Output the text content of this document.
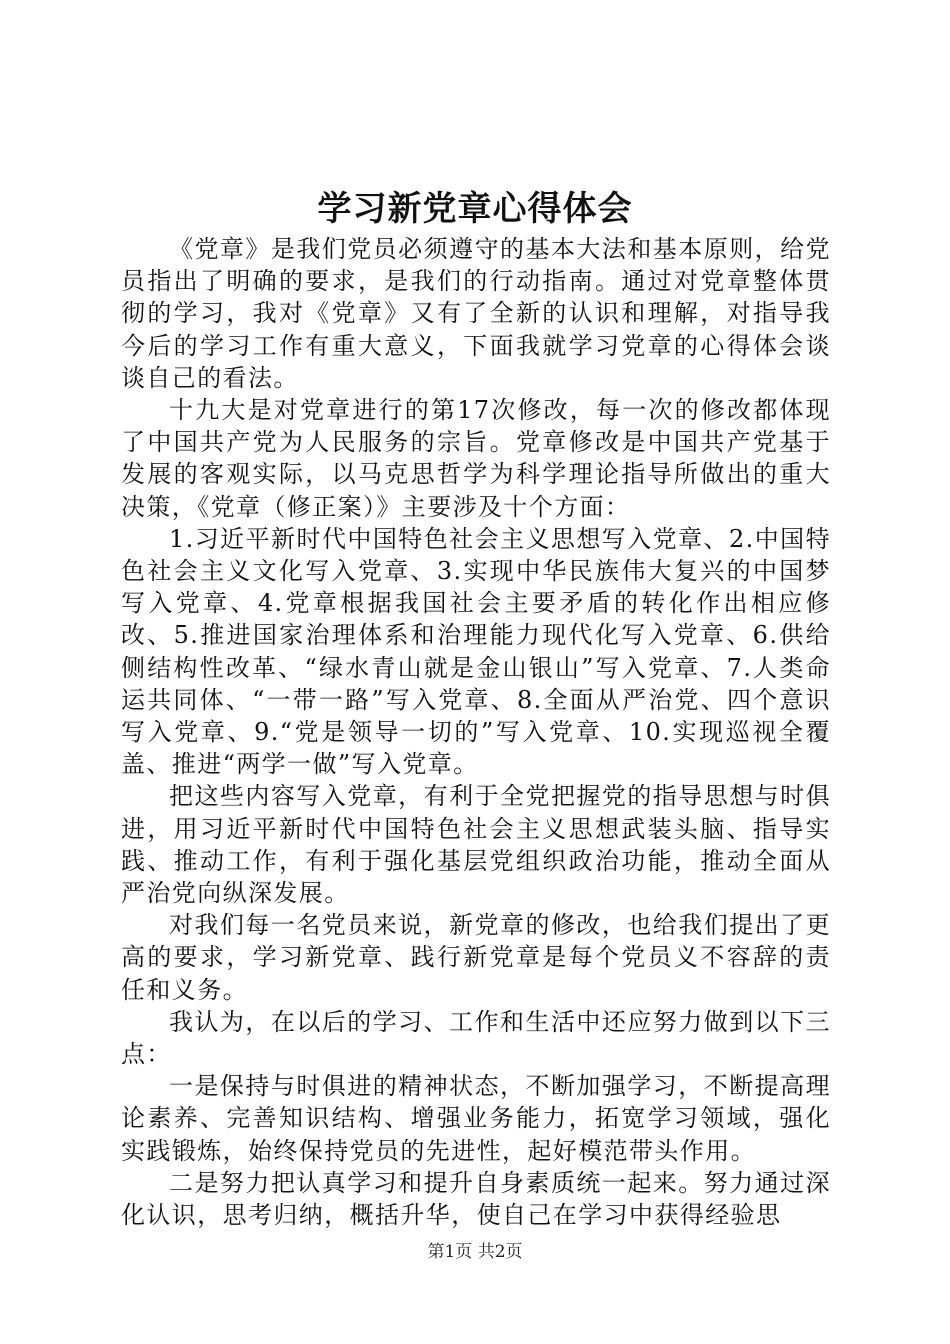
学习新党章心得体会

《党章》是我们党员必须遵守的基本大法和基本原则，给党员指出了明确的要求，是我们的行动指南。通过对党章整体贯彻的学习，我对《党章》又有了全新的认识和理解，对指导我今后的学习工作有重大意义，下面我就学习党章的心得体会谈谈自己的看法。

十九大是对党章进行的第17次修改，每一次的修改都体现了中国共产党为人民服务的宗旨。党章修改是中国共产党基于发展的客观实际，以马克思哲学为科学理论指导所做出的重大决策，《党章（修正案）》主要涉及十个方面：

1.习近平新时代中国特色社会主义思想写入党章、2.中国特色社会主义文化写入党章、3.实现中华民族伟大复兴的中国梦写入党章、4.党章根据我国社会主要矛盾的转化作出相应修改、5.推进国家治理体系和治理能力现代化写入党章、6.供给侧结构性改革、“绿水青山就是金山银山”写入党章、7.人类命运共同体、“一带一路”写入党章、8.全面从严治党、四个意识写入党章、9.“党是领导一切的”写入党章、10.实现巡视全覆盖、推进“两学一做”写入党章。

把这些内容写入党章，有利于全党把握党的指导思想与时俱进，用习近平新时代中国特色社会主义思想武装头脑、指导实践、推动工作，有利于强化基层党组织政治功能，推动全面从严治党向纵深发展。

对我们每一名党员来说，新党章的修改，也给我们提出了更高的要求，学习新党章、践行新党章是每个党员义不容辞的责任和义务。

我认为，在以后的学习、工作和生活中还应努力做到以下三点：

一是保持与时俱进的精神状态，不断加强学习，不断提高理论素养、完善知识结构、增强业务能力，拓宽学习领域，强化实践锻炼，始终保持党员的先进性，起好模范带头作用。

二是努力把认真学习和提升自身素质统一起来。努力通过深化认识，思考归纳，概括升华，使自己在学习中获得经验思

第1页 共2页
